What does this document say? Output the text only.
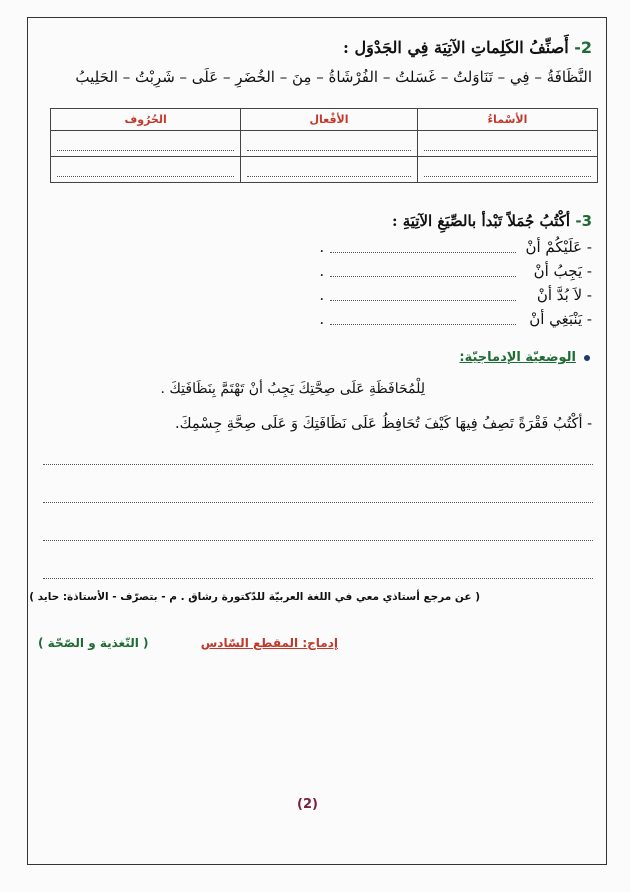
2- أَصنِّفُ الكَلِماتِ الآتِيَة فِي الجَدْوَل :
النَّظَافَةُ – فِي – تَنَاوَلتُ – غَسَلتُ – الفُرْشَاةُ – مِنَ – الخُضَرِ – عَلَى – شَرِبْتُ – الحَلِيبُ
الأسْماءُ	الأفْعال	الحُرُوف

3- أكْتُبُ جُمَلاً تَبْدأ بالصِّيَغِ الآتِيَةِ :
-

عَلَيْكُمْ أنْ
.
-

يَجِبُ أنْ
.
-

لاَ بُدَّ أنْ
.
-

يَنْبَغِي أنْ
.
الوضعيّة الإدماجيّة:
لِلْمُحَافَظَةِ عَلَى صِحَّتِكَ يَجِبُ أنْ تَهْتَمَّ بِنَظَافَتِكَ .
- أكْتُبُ فَقْرَةً تَصِفُ فِيهَا كَيْفَ تُحَافِظُ عَلَى نَظَافَتِكَ وَ عَلَى صِحَّةِ جِسْمِكَ.
( عن مرجع أستاذي معي في اللغة العربيّة للدّكتورة رشاق . م - بتصرّف - الأستاذة: حايد )
إدماج: المقطع السّادس
( التّغذية و الصّحّة )
(2)
